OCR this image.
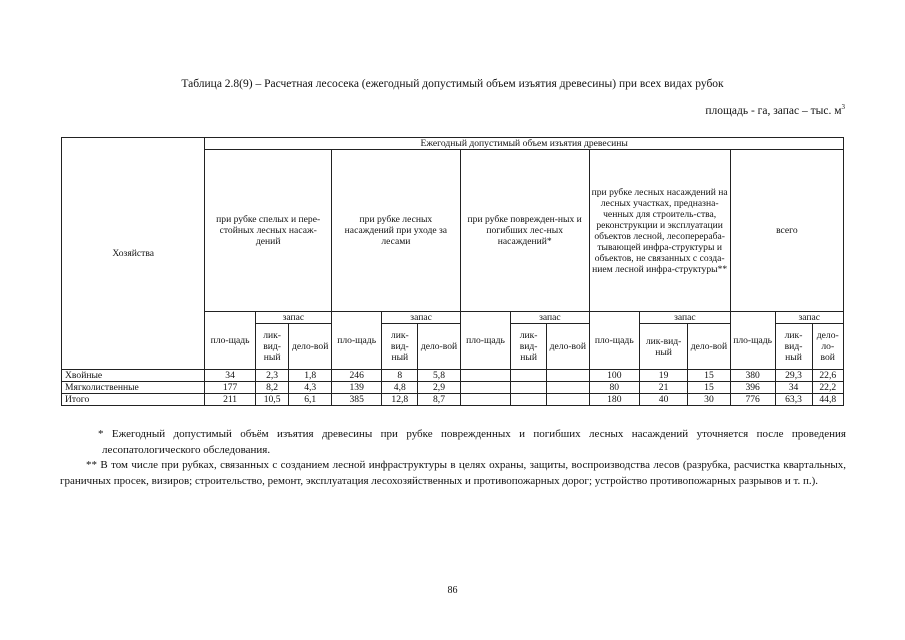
Таблица 2.8(9) – Расчетная лесосека (ежегодный допустимый объем изъятия древесины) при всех видах рубок
площадь - га, запас – тыс. $м^3$
Хозяйства	Ежегодный допустимый объем изъятия древесины														
	при рубке спелых и пере-стойных лесных насаж-дений			при рубке лесных насаждений при уходе за лесами			при рубке поврежден-ных и погибших лес-ных насаждений*			при рубке лесных насаждений на лесных участках, предназна-ченных для строитель-ства, реконструкции и эксплуатации объектов лесной, лесоперераба-тывающей инфра-структуры и объектов, не связанных с созда-нием лесной инфра-структуры**			всего		
	пло-щадь	запас		пло-щадь	запас		пло-щадь	запас		пло-щадь	запас		пло-щадь	запас	
		лик-вид-ный	дело-вой		лик-вид-ный	дело-вой		лик-вид-ный	дело-вой		лик-вид-ный	дело-вой		лик-вид-ный	дело-ло-вой
Хвойные	34	2,3	1,8	246	8	5,8				100	19	15	380	29,3	22,6
Мягколиственные	177	8,2	4,3	139	4,8	2,9				80	21	15	396	34	22,2
Итого	211	10,5	6,1	385	12,8	8,7				180	40	30	776	63,3	44,8

* Ежегодный допустимый объём изъятия древесины при рубке поврежденных и погибших лесных насаждений уточняется после проведения лесопатологического обследования.

** В том числе при рубках, связанных с созданием лесной инфраструктуры в целях охраны, защиты, воспроизводства лесов (разрубка, расчистка квартальных, граничных просек, визиров; строительство, ремонт, эксплуатация лесохозяйственных и противопожарных дорог; устройство противопожарных разрывов и т. п.).

86
